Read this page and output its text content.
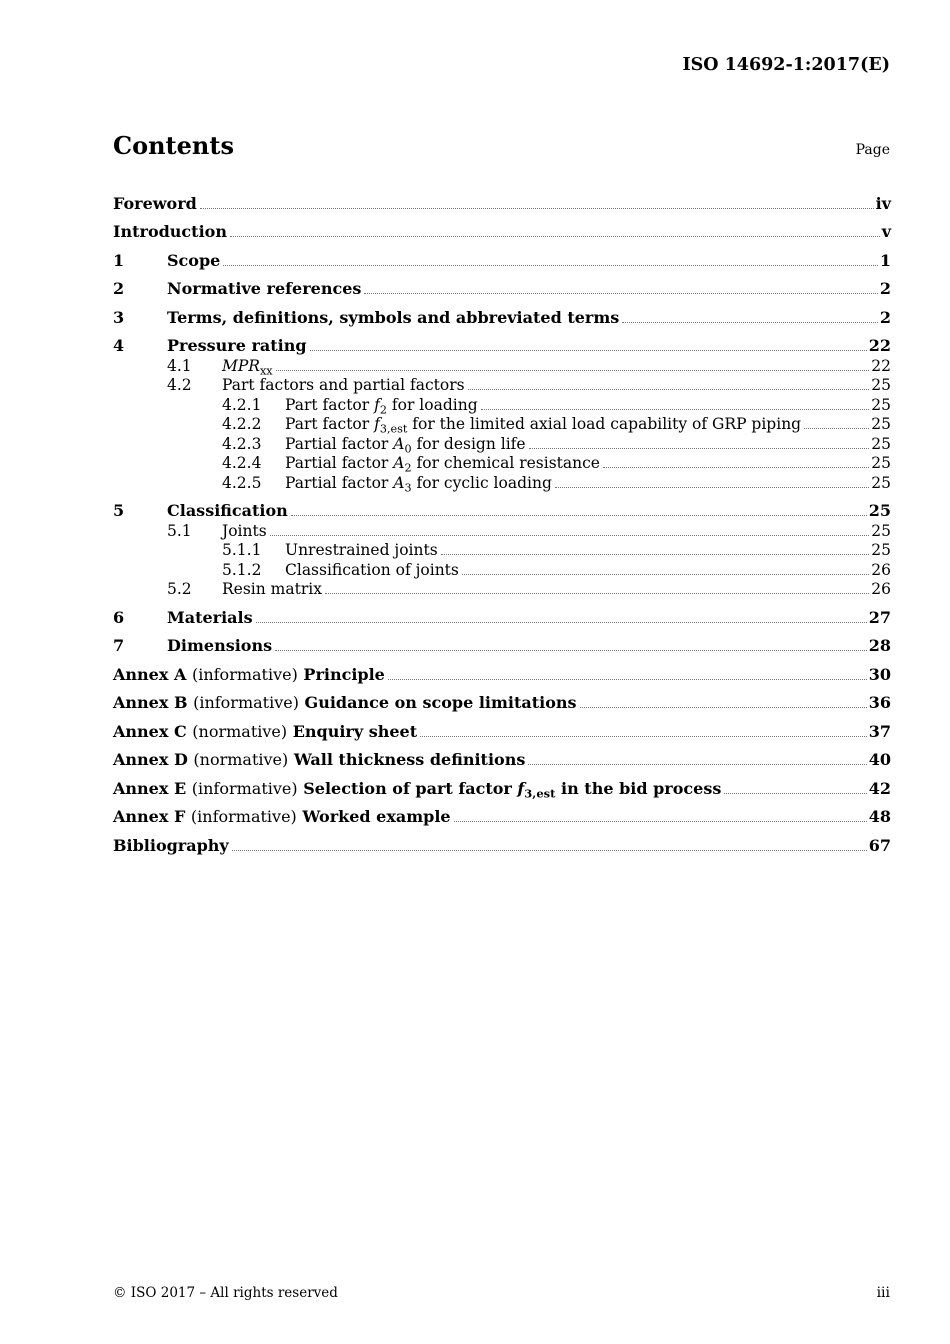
ISO 14692-1:2017(E)
Contents	Page
Foreword	iv
Introduction	v
1	Scope	1
2	Normative references	2
3	Terms, definitions, symbols and abbreviated terms	2
4	Pressure rating	22
4.1 $MPR_{xx}$	22
4.2 Part factors and partial factors	25
4.2.1 Part factor $f_2$ for loading	25
4.2.2 Part factor $f_{3,est}$ for the limited axial load capability of GRP piping	25
4.2.3 Partial factor $A_0$ for design life	25
4.2.4 Partial factor $A_2$ for chemical resistance	25
4.2.5 Partial factor $A_3$ for cyclic loading	25
5	Classification	25
5.1 Joints	25
5.1.1 Unrestrained joints	25
5.1.2 Classification of joints	26
5.2 Resin matrix	26
6	Materials	27
7	Dimensions	28
Annex A (informative) Principle	30
Annex B (informative) Guidance on scope limitations	36
Annex C (normative) Enquiry sheet	37
Annex D (normative) Wall thickness definitions	40
Annex E (informative) Selection of part factor $f_{3,est}$ in the bid process	42
Annex F (informative) Worked example	48
Bibliography	67
© ISO 2017 – All rights reserved	iii
